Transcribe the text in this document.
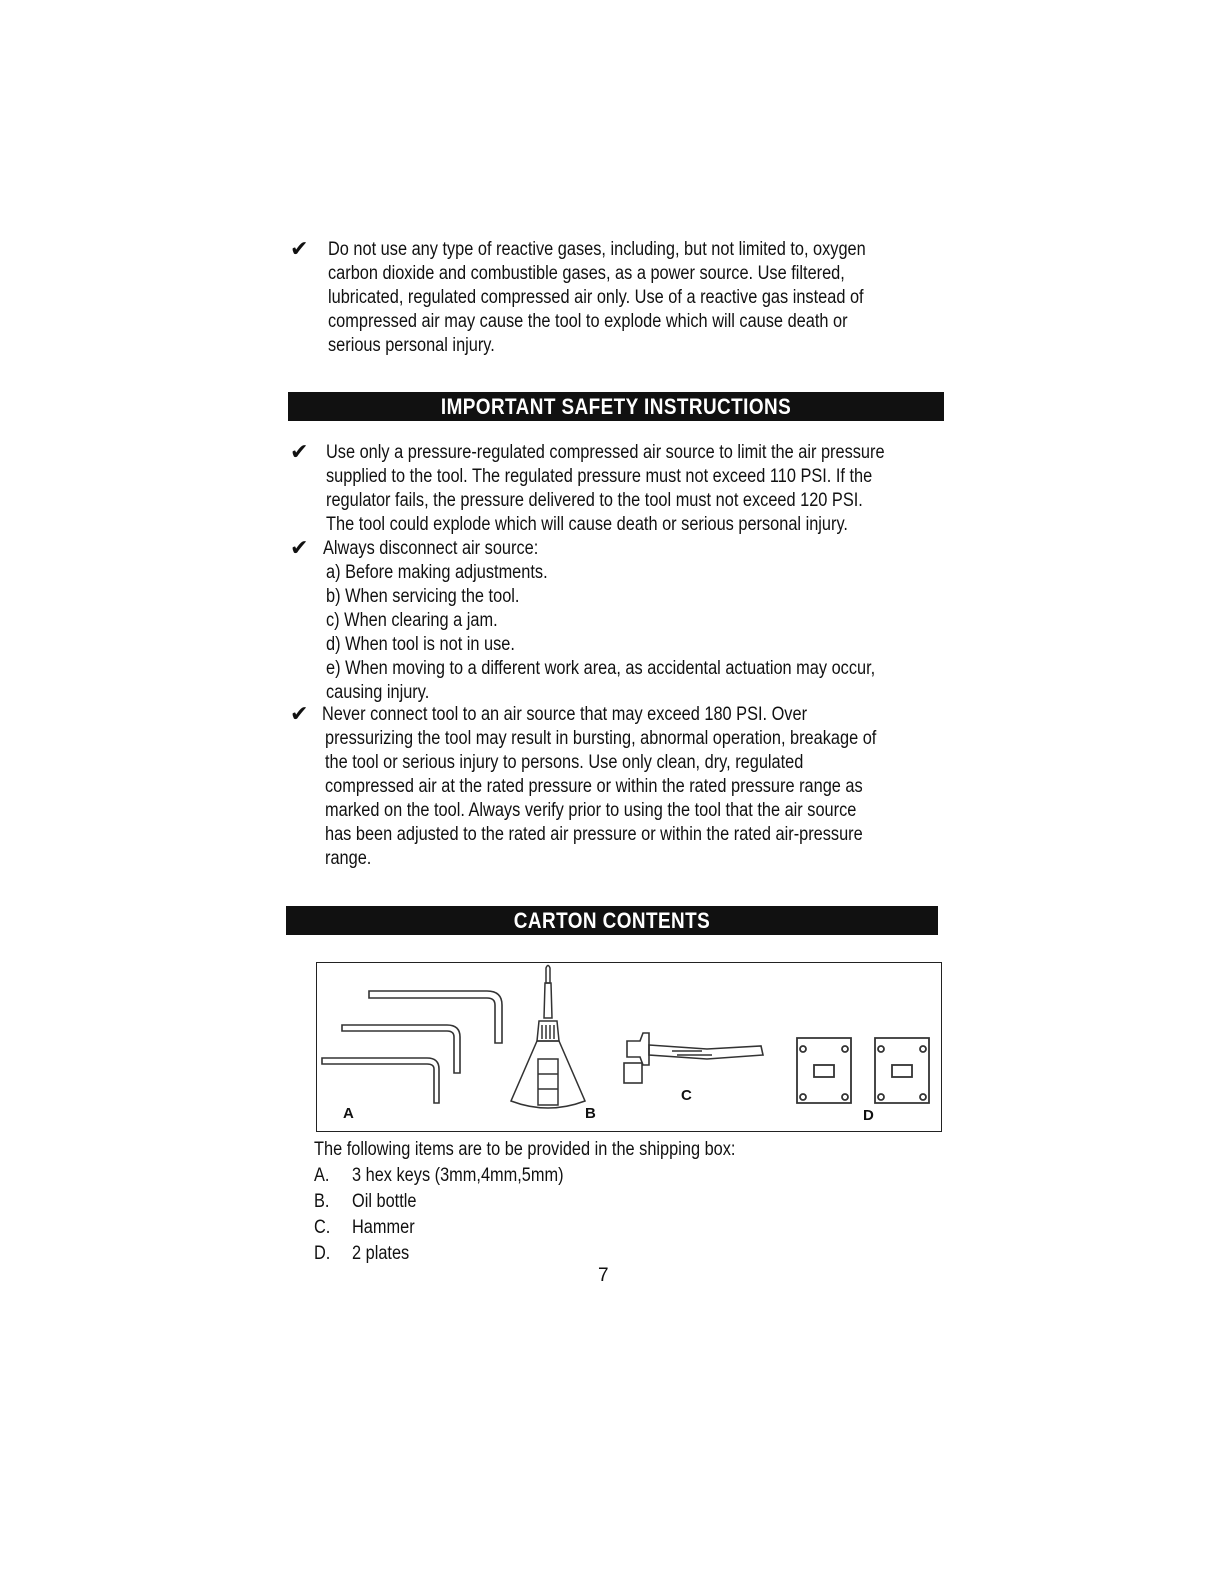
✔ Do not use any type of reactive gases, including, but not limited to, oxygen
carbon dioxide and combustible gases, as a power source. Use filtered,
lubricated, regulated compressed air only. Use of a reactive gas instead of
compressed air may cause the tool to explode which will cause death or
serious personal injury.
IMPORTANT SAFETY INSTRUCTIONS
✔ Use only a pressure-regulated compressed air source to limit the air pressure
supplied to the tool. The regulated pressure must not exceed 110 PSI. If the
regulator fails, the pressure delivered to the tool must not exceed 120 PSI.
The tool could explode which will cause death or serious personal injury.
✔ Always disconnect air source:
a) Before making adjustments.
b) When servicing the tool.
c) When clearing a jam.
d) When tool is not in use.
e) When moving to a different work area, as accidental actuation may occur,
causing injury.
✔ Never connect tool to an air source that may exceed 180 PSI. Over
pressurizing the tool may result in bursting, abnormal operation, breakage of
the tool or serious injury to persons. Use only clean, dry, regulated
compressed air at the rated pressure or within the rated pressure range as
marked on the tool. Always verify prior to using the tool that the air source
has been adjusted to the rated air pressure or within the rated air-pressure
range.
CARTON CONTENTS
A	B
C
D
The following items are to be provided in the shipping box:
A. 3 hex keys (3mm,4mm,5mm)
B. Oil bottle
C. Hammer
D. 2 plates
7
